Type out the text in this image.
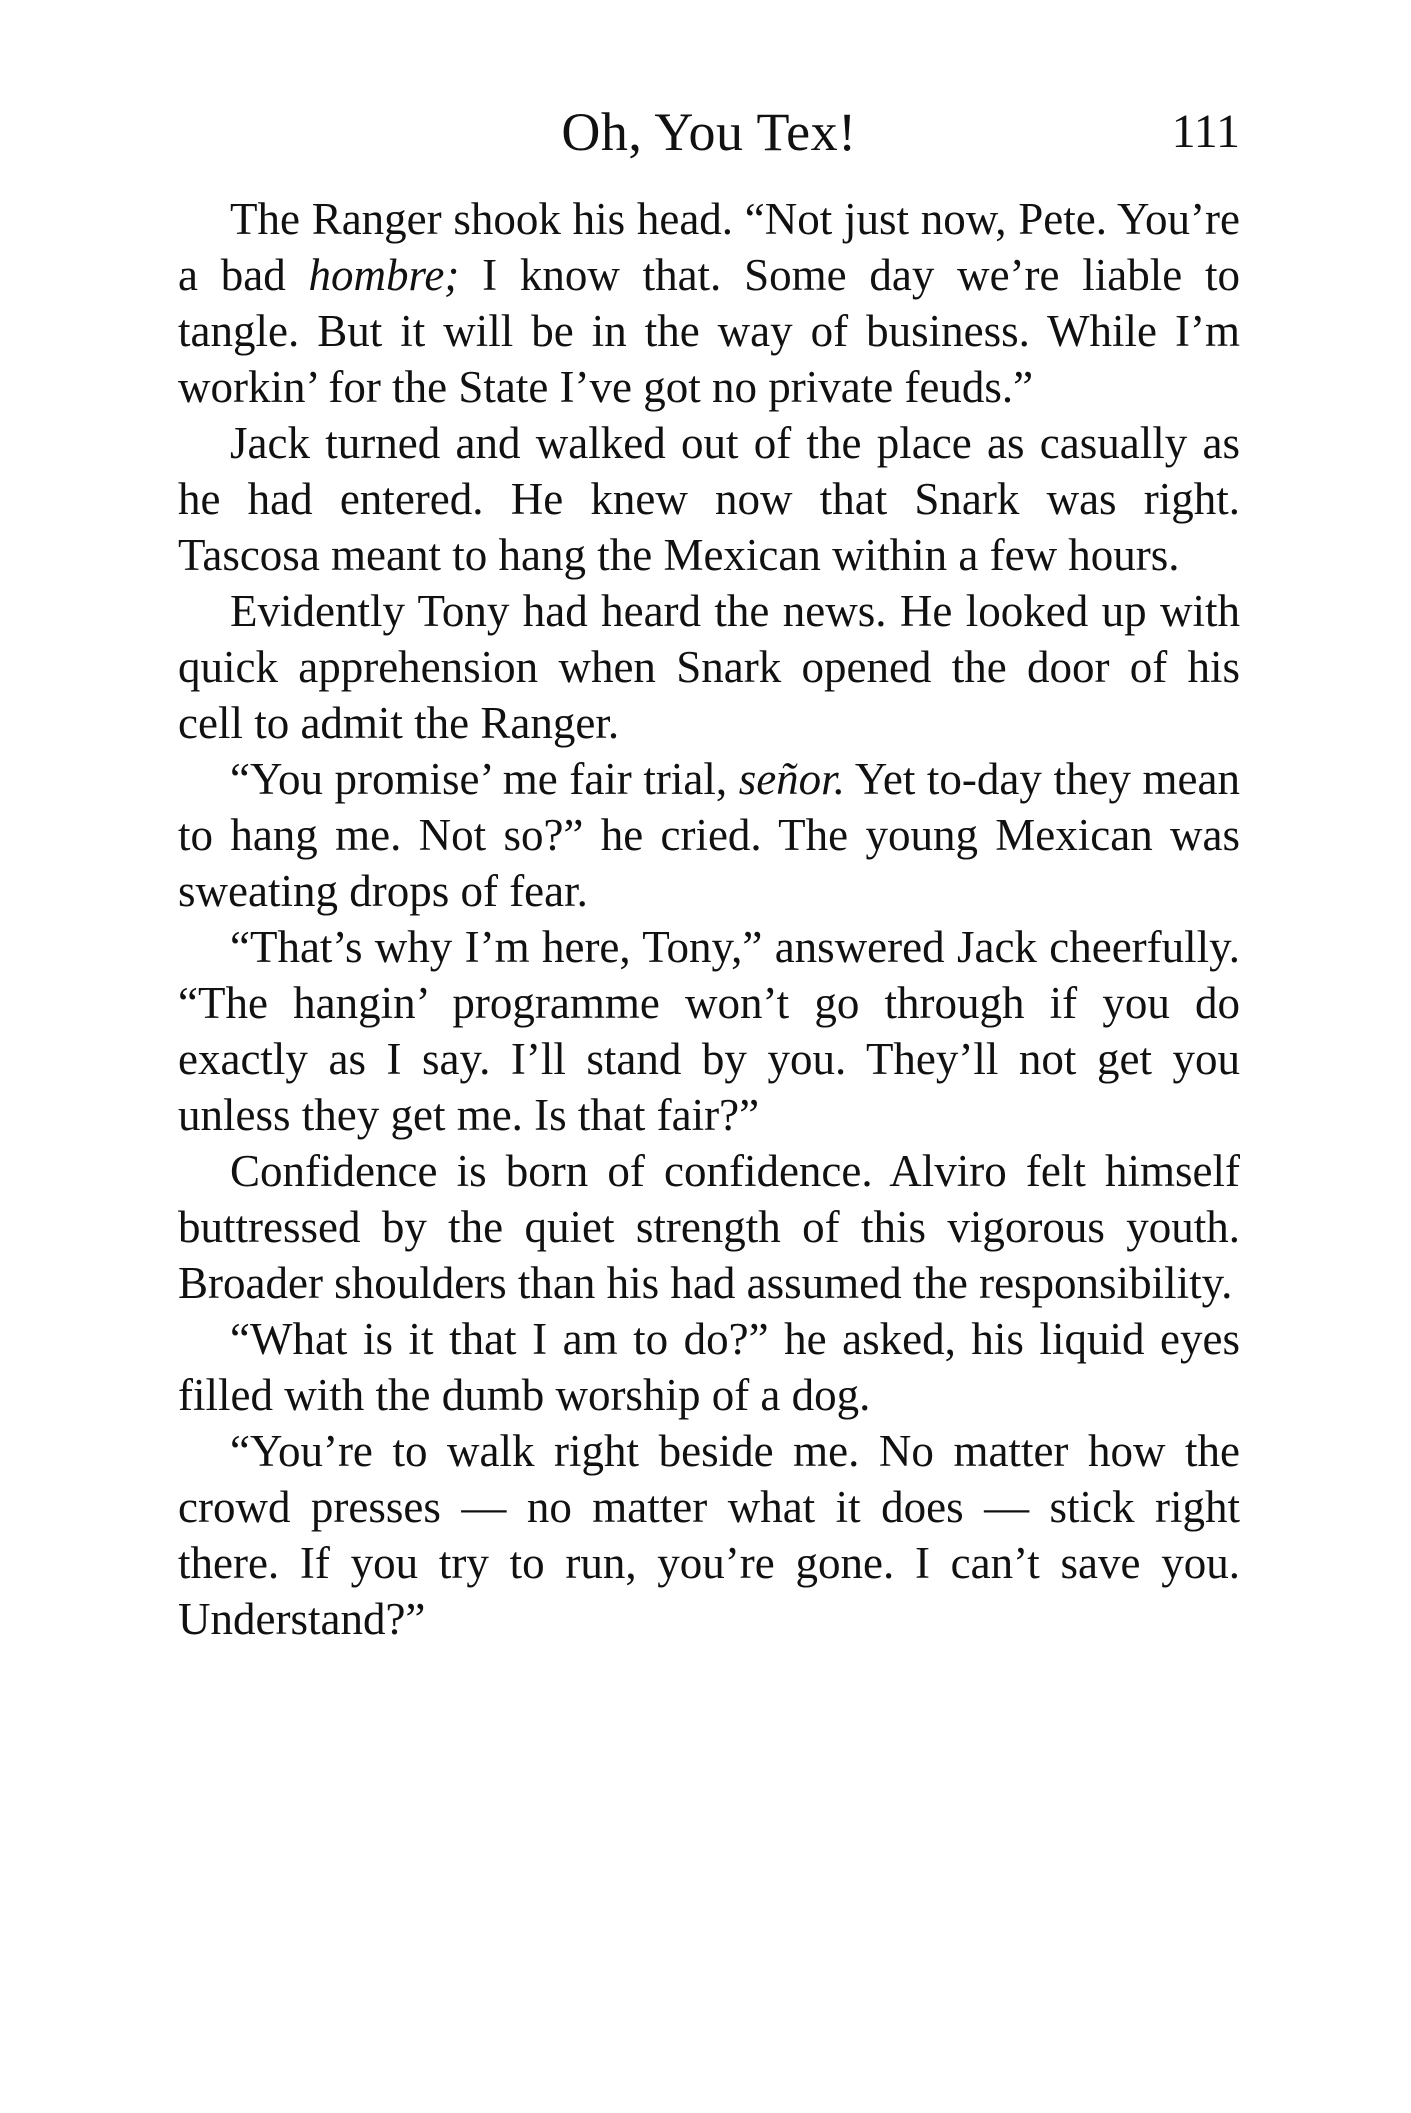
Oh, You Tex!	111

The Ranger shook his head. “Not just now, Pete. You’re a bad hombre; I know that. Some day we’re liable to tangle. But it will be in the way of business. While I’m workin’ for the State I’ve got no private feuds.”

Jack turned and walked out of the place as casually as he had entered. He knew now that Snark was right. Tascosa meant to hang the Mexican within a few hours.

Evidently Tony had heard the news. He looked up with quick apprehension when Snark opened the door of his cell to admit the Ranger.

“You promise’ me fair trial, señor. Yet to-day they mean to hang me. Not so?” he cried. The young Mexican was sweating drops of fear.

“That’s why I’m here, Tony,” answered Jack cheerfully. “The hangin’ programme won’t go through if you do exactly as I say. I’ll stand by you. They’ll not get you unless they get me. Is that fair?”

Confidence is born of confidence. Alviro felt himself buttressed by the quiet strength of this vigorous youth. Broader shoulders than his had assumed the responsibility.

“What is it that I am to do?” he asked, his liquid eyes filled with the dumb worship of a dog.

“You’re to walk right beside me. No matter how the crowd presses — no matter what it does — stick right there. If you try to run, you’re gone. I can’t save you. Understand?”
